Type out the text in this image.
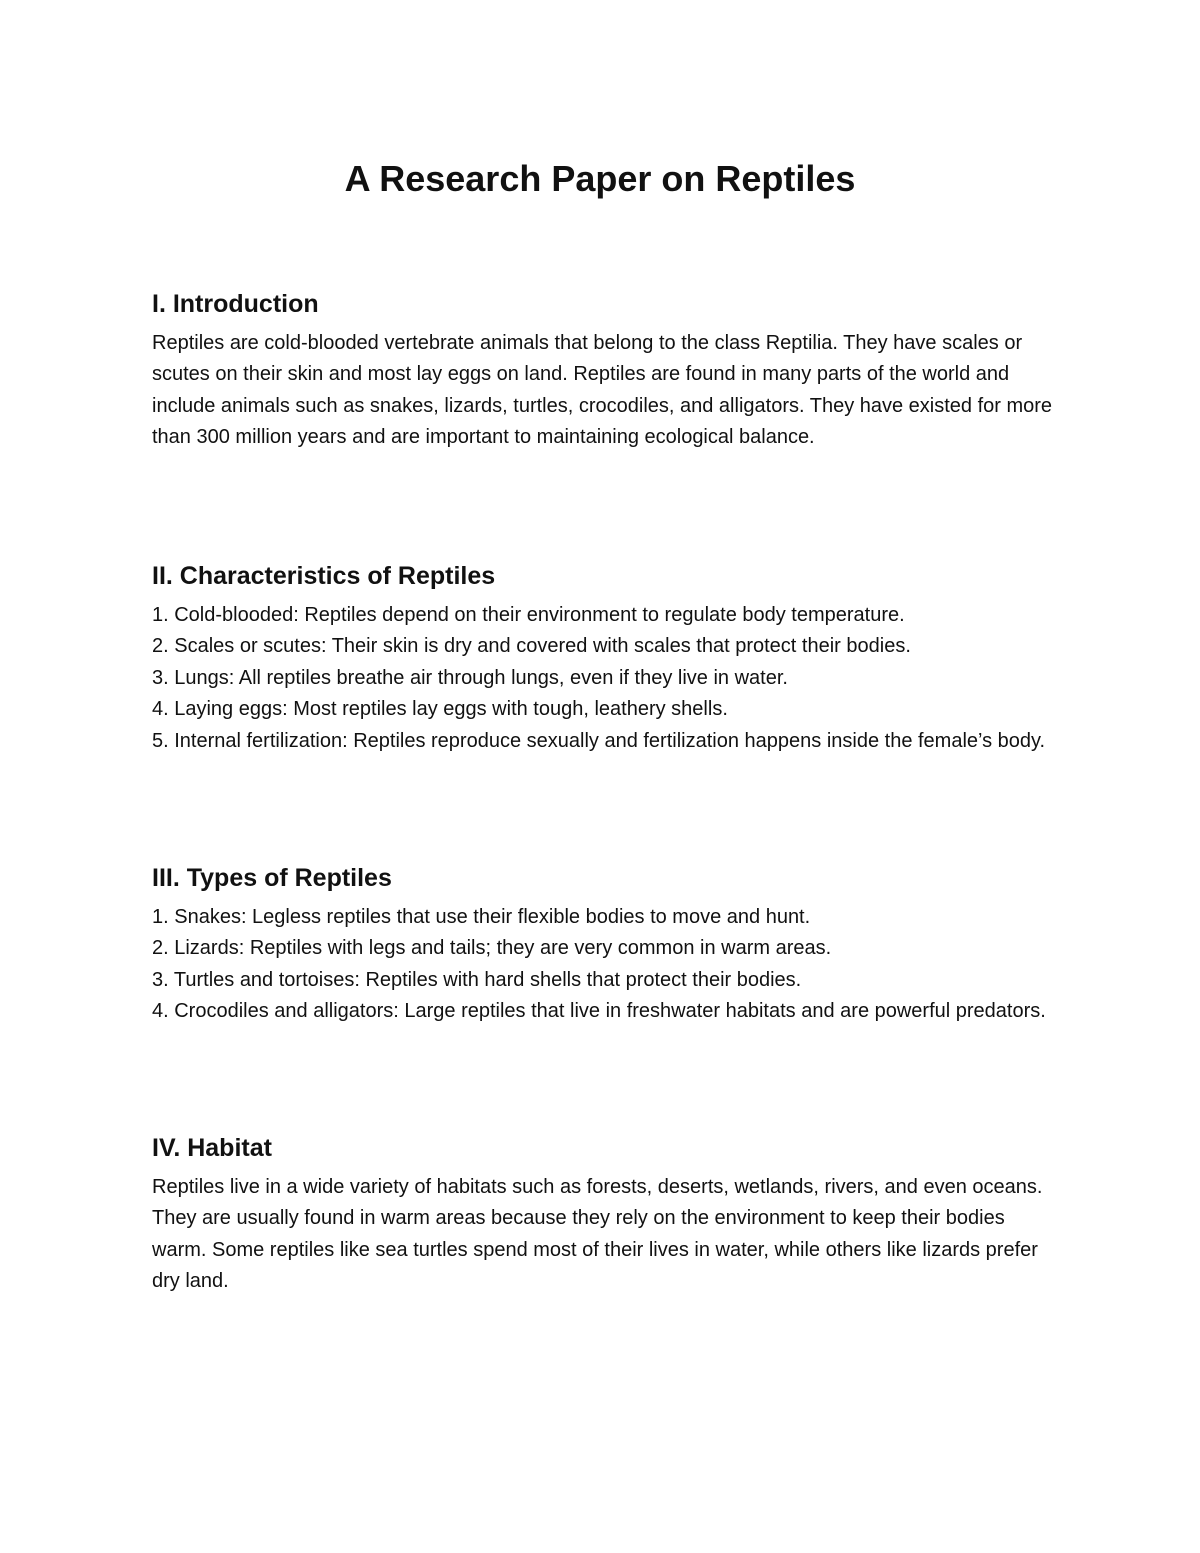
A Research Paper on Reptiles
I. Introduction

Reptiles are cold-blooded vertebrate animals that belong to the class Reptilia. They have scales or scutes on their skin and most lay eggs on land. Reptiles are found in many parts of the world and include animals such as snakes, lizards, turtles, crocodiles, and alligators. They have existed for more than 300 million years and are important to maintaining ecological balance.

II. Characteristics of Reptiles
1. Cold-blooded: Reptiles depend on their environment to regulate body temperature.
2. Scales or scutes: Their skin is dry and covered with scales that protect their bodies.
3. Lungs: All reptiles breathe air through lungs, even if they live in water.
4. Laying eggs: Most reptiles lay eggs with tough, leathery shells.
5. Internal fertilization: Reptiles reproduce sexually and fertilization happens inside the female’s body.
III. Types of Reptiles
1. Snakes: Legless reptiles that use their flexible bodies to move and hunt.
2. Lizards: Reptiles with legs and tails; they are very common in warm areas.
3. Turtles and tortoises: Reptiles with hard shells that protect their bodies.
4. Crocodiles and alligators: Large reptiles that live in freshwater habitats and are powerful predators.
IV. Habitat

Reptiles live in a wide variety of habitats such as forests, deserts, wetlands, rivers, and even oceans. They are usually found in warm areas because they rely on the environment to keep their bodies warm. Some reptiles like sea turtles spend most of their lives in water, while others like lizards prefer dry land.
